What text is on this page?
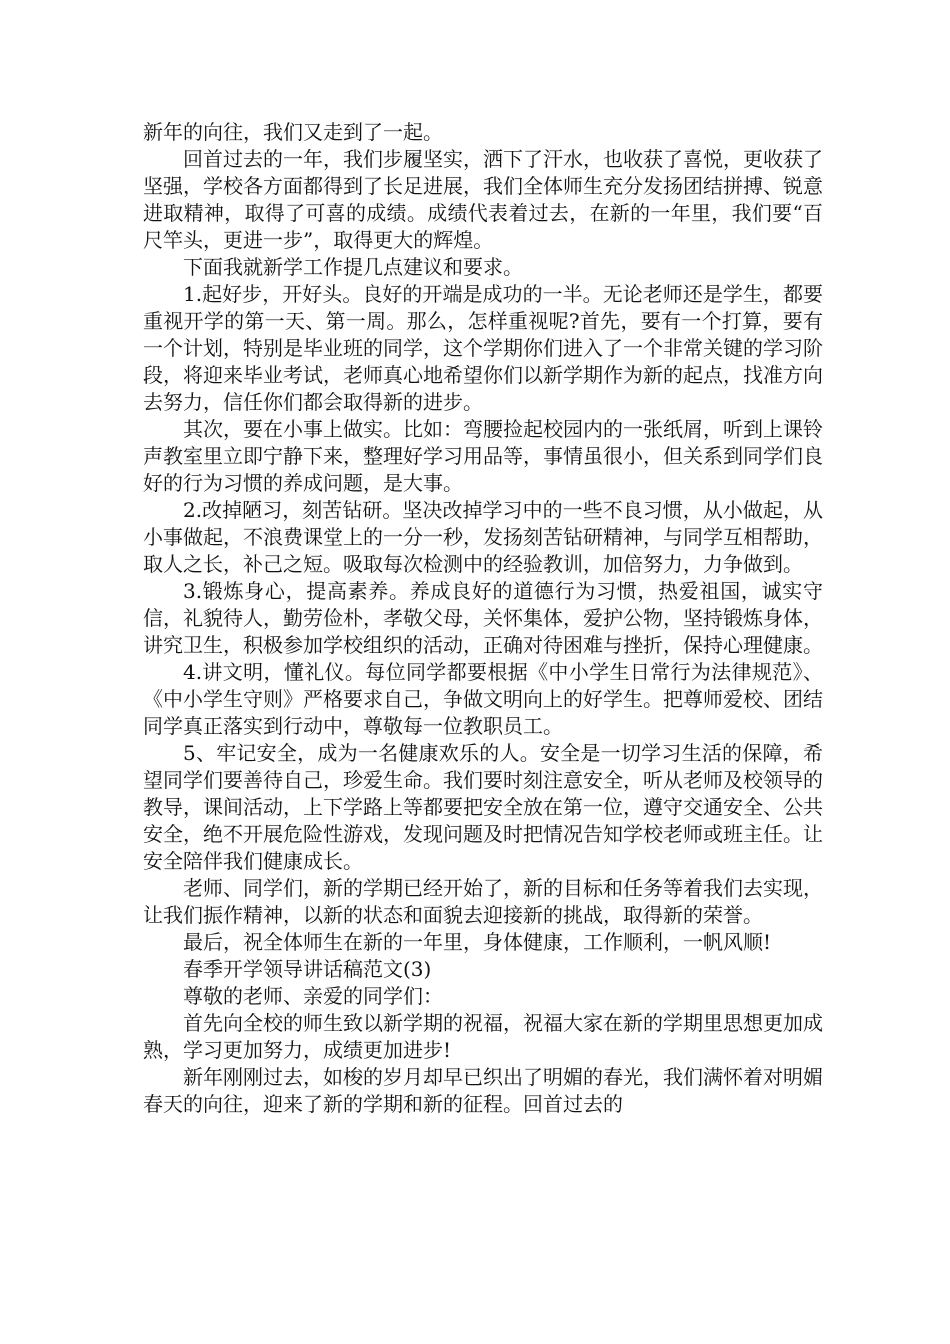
新年的向往，我们又走到了一起。

回首过去的一年，我们步履坚实，洒下了汗水，也收获了喜悦，更收获了坚强，学校各方面都得到了长足进展，我们全体师生充分发扬团结拼搏、锐意进取精神，取得了可喜的成绩。成绩代表着过去，在新的一年里，我们要“百尺竿头，更进一步”，取得更大的辉煌。

下面我就新学工作提几点建议和要求。

1.起好步，开好头。良好的开端是成功的一半。无论老师还是学生，都要重视开学的第一天、第一周。那么，怎样重视呢?首先，要有一个打算，要有一个计划，特别是毕业班的同学，这个学期你们进入了一个非常关键的学习阶段，将迎来毕业考试，老师真心地希望你们以新学期作为新的起点，找准方向去努力，信任你们都会取得新的进步。

其次，要在小事上做实。比如：弯腰捡起校园内的一张纸屑，听到上课铃声教室里立即宁静下来，整理好学习用品等，事情虽很小，但关系到同学们良好的行为习惯的养成问题，是大事。

2.改掉陋习，刻苦钻研。坚决改掉学习中的一些不良习惯，从小做起，从小事做起，不浪费课堂上的一分一秒，发扬刻苦钻研精神，与同学互相帮助，取人之长，补己之短。吸取每次检测中的经验教训，加倍努力，力争做到。

3.锻炼身心，提高素养。养成良好的道德行为习惯，热爱祖国，诚实守信，礼貌待人，勤劳俭朴，孝敬父母，关怀集体，爱护公物，坚持锻炼身体，讲究卫生，积极参加学校组织的活动，正确对待困难与挫折，保持心理健康。

4.讲文明，懂礼仪。每位同学都要根据《中小学生日常行为法律规范》、《中小学生守则》严格要求自己，争做文明向上的好学生。把尊师爱校、团结同学真正落实到行动中，尊敬每一位教职员工。

5、牢记安全，成为一名健康欢乐的人。安全是一切学习生活的保障，希望同学们要善待自己，珍爱生命。我们要时刻注意安全，听从老师及校领导的教导，课间活动，上下学路上等都要把安全放在第一位，遵守交通安全、公共安全，绝不开展危险性游戏，发现问题及时把情况告知学校老师或班主任。让安全陪伴我们健康成长。

老师、同学们，新的学期已经开始了，新的目标和任务等着我们去实现，让我们振作精神，以新的状态和面貌去迎接新的挑战，取得新的荣誉。

最后，祝全体师生在新的一年里，身体健康，工作顺利，一帆风顺!

春季开学领导讲话稿范文(3)

尊敬的老师、亲爱的同学们：

首先向全校的师生致以新学期的祝福，祝福大家在新的学期里思想更加成熟，学习更加努力，成绩更加进步!

新年刚刚过去，如梭的岁月却早已织出了明媚的春光，我们满怀着对明媚春天的向往，迎来了新的学期和新的征程。回首过去的
